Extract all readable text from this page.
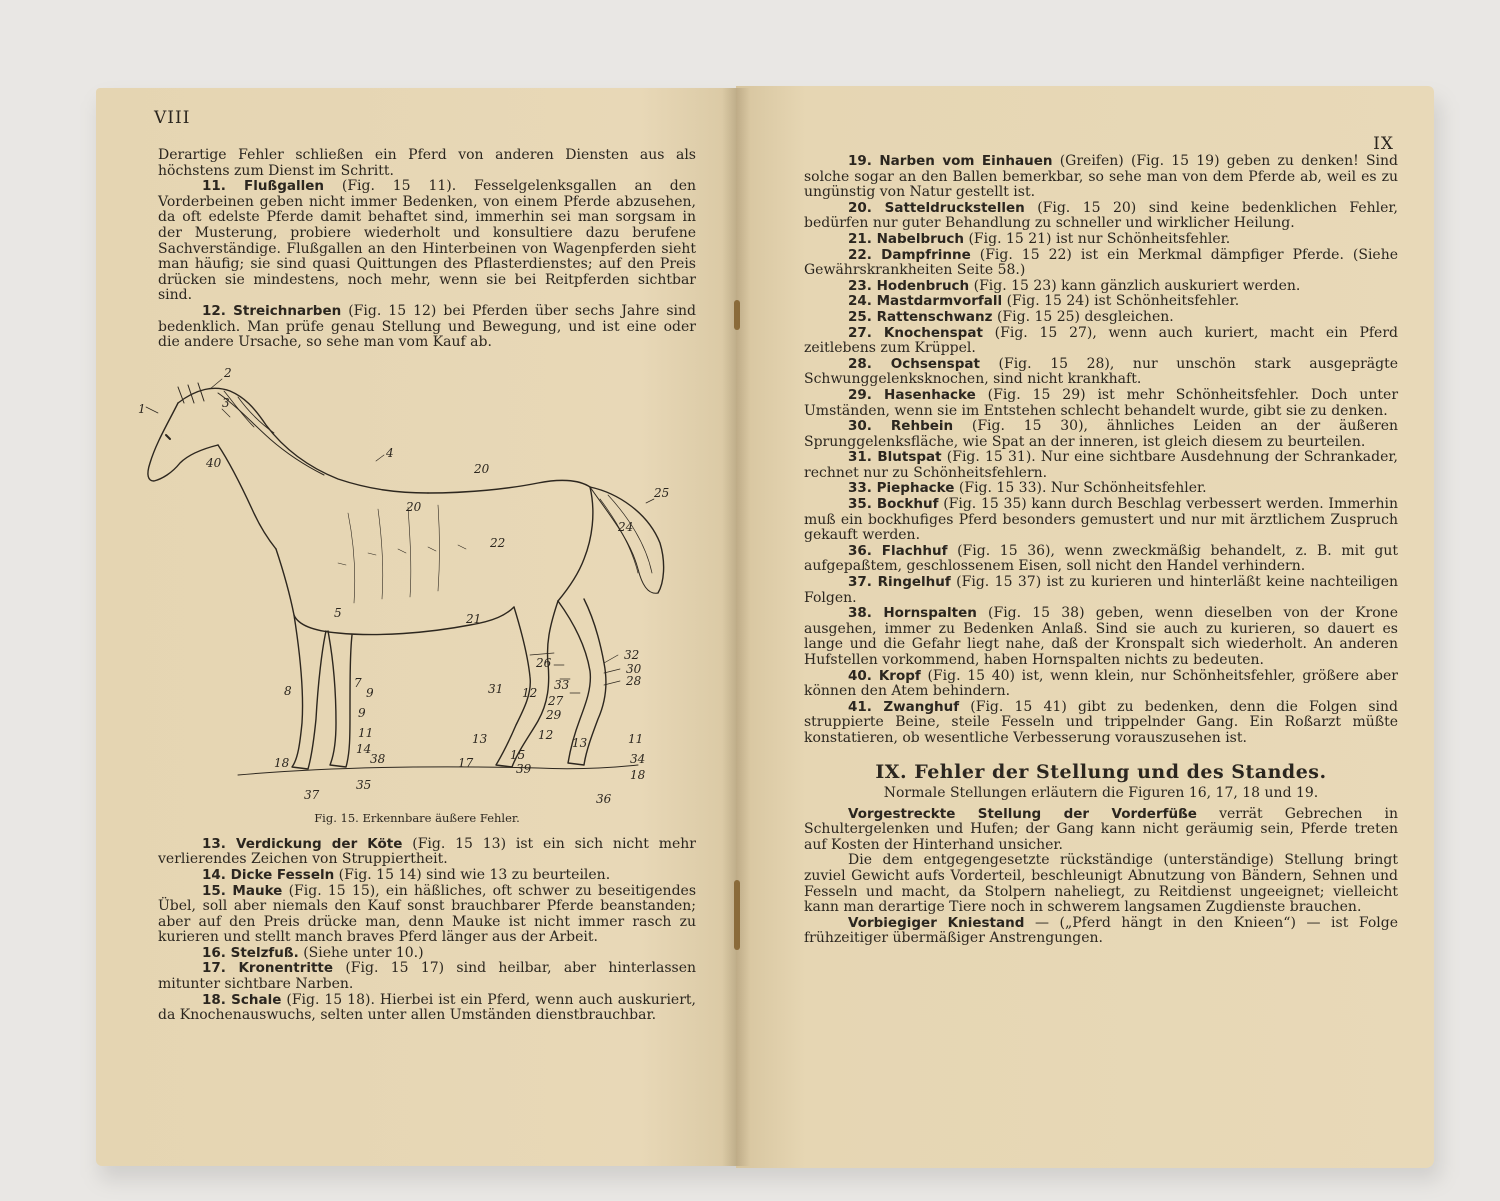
VIII

Derartige Fehler schließen ein Pferd von anderen Diensten aus als höchstens zum Dienst im Schritt.

11. Flußgallen (Fig. 15 11). Fesselgelenksgallen an den Vorderbeinen geben nicht immer Bedenken, von einem Pferde abzusehen, da oft edelste Pferde damit behaftet sind, immerhin sei man sorgsam in der Musterung, probiere wiederholt und konsultiere dazu berufene Sachverständige. Flußgallen an den Hinterbeinen von Wagenpferden sieht man häufig; sie sind quasi Quittungen des Pflasterdienstes; auf den Preis drücken sie mindestens, noch mehr, wenn sie bei Reitpferden sichtbar sind.

12. Streichnarben (Fig. 15 12) bei Pferden über sechs Jahre sind bedenklich. Man prüfe genau Stellung und Bewegung, und ist eine oder die andere Ursache, so sehe man vom Kauf ab.

1
2
3
4
20
20
25
24
40
22
21
5
8
7
9
9
11
14
38
18
37
35
26
31 12
33
27
29
13
17
15
39
13	11
32
30
28
34
18
36
12
Fig. 15. Erkennbare äußere Fehler.

13. Verdickung der Köte (Fig. 15 13) ist ein sich nicht mehr verlierendes Zeichen von Struppiertheit.

14. Dicke Fesseln (Fig. 15 14) sind wie 13 zu beurteilen.

15. Mauke (Fig. 15 15), ein häßliches, oft schwer zu beseitigendes Übel, soll aber niemals den Kauf sonst brauchbarer Pferde beanstanden; aber auf den Preis drücke man, denn Mauke ist nicht immer rasch zu kurieren und stellt manch braves Pferd länger aus der Arbeit.

16. Stelzfuß. (Siehe unter 10.)

17. Kronentritte (Fig. 15 17) sind heilbar, aber hinterlassen mitunter sichtbare Narben.

18. Schale (Fig. 15 18). Hierbei ist ein Pferd, wenn auch auskuriert, da Knochenauswuchs, selten unter allen Umständen dienstbrauchbar.

IX

19. Narben vom Einhauen (Greifen) (Fig. 15 19) geben zu denken! Sind solche sogar an den Ballen bemerkbar, so sehe man von dem Pferde ab, weil es zu ungünstig von Natur gestellt ist.

20. Satteldruckstellen (Fig. 15 20) sind keine bedenklichen Fehler, bedürfen nur guter Behandlung zu schneller und wirklicher Heilung.

21. Nabelbruch (Fig. 15 21) ist nur Schönheitsfehler.

22. Dampfrinne (Fig. 15 22) ist ein Merkmal dämpfiger Pferde. (Siehe Gewährskrankheiten Seite 58.)

23. Hodenbruch (Fig. 15 23) kann gänzlich auskuriert werden.

24. Mastdarmvorfall (Fig. 15 24) ist Schönheitsfehler.

25. Rattenschwanz (Fig. 15 25) desgleichen.

27. Knochenspat (Fig. 15 27), wenn auch kuriert, macht ein Pferd zeitlebens zum Krüppel.

28. Ochsenspat (Fig. 15 28), nur unschön stark ausgeprägte Schwunggelenksknochen, sind nicht krankhaft.

29. Hasenhacke (Fig. 15 29) ist mehr Schönheitsfehler. Doch unter Umständen, wenn sie im Entstehen schlecht behandelt wurde, gibt sie zu denken.

30. Rehbein (Fig. 15 30), ähnliches Leiden an der äußeren Sprunggelenksfläche, wie Spat an der inneren, ist gleich diesem zu beurteilen.

31. Blutspat (Fig. 15 31). Nur eine sichtbare Ausdehnung der Schrankader, rechnet nur zu Schönheitsfehlern.

33. Piephacke (Fig. 15 33). Nur Schönheitsfehler.

35. Bockhuf (Fig. 15 35) kann durch Beschlag verbessert werden. Immerhin muß ein bockhufiges Pferd besonders gemustert und nur mit ärztlichem Zuspruch gekauft werden.

36. Flachhuf (Fig. 15 36), wenn zweckmäßig behandelt, z. B. mit gut aufgepaßtem, geschlossenem Eisen, soll nicht den Handel verhindern.

37. Ringelhuf (Fig. 15 37) ist zu kurieren und hinterläßt keine nachteiligen Folgen.

38. Hornspalten (Fig. 15 38) geben, wenn dieselben von der Krone ausgehen, immer zu Bedenken Anlaß. Sind sie auch zu kurieren, so dauert es lange und die Gefahr liegt nahe, daß der Kronspalt sich wiederholt. An anderen Hufstellen vorkommend, haben Hornspalten nichts zu bedeuten.

40. Kropf (Fig. 15 40) ist, wenn klein, nur Schönheitsfehler, größere aber können den Atem behindern.

41. Zwanghuf (Fig. 15 41) gibt zu bedenken, denn die Folgen sind struppierte Beine, steile Fesseln und trippelnder Gang. Ein Roßarzt müßte konstatieren, ob wesentliche Verbesserung vorauszusehen ist.

IX. Fehler der Stellung und des Standes.
Normale Stellungen erläutern die Figuren 16, 17, 18 und 19.

Vorgestreckte Stellung der Vorderfüße verrät Gebrechen in Schultergelenken und Hufen; der Gang kann nicht geräumig sein, Pferde treten auf Kosten der Hinterhand unsicher.

Die dem entgegengesetzte rückständige (unterständige) Stellung bringt zuviel Gewicht aufs Vorderteil, beschleunigt Abnutzung von Bändern, Sehnen und Fesseln und macht, da Stolpern naheliegt, zu Reitdienst ungeeignet; vielleicht kann man derartige Tiere noch in schwerem langsamen Zugdienste brauchen.

Vorbiegiger Kniestand — („Pferd hängt in den Knieen“) — ist Folge frühzeitiger übermäßiger Anstrengungen.
